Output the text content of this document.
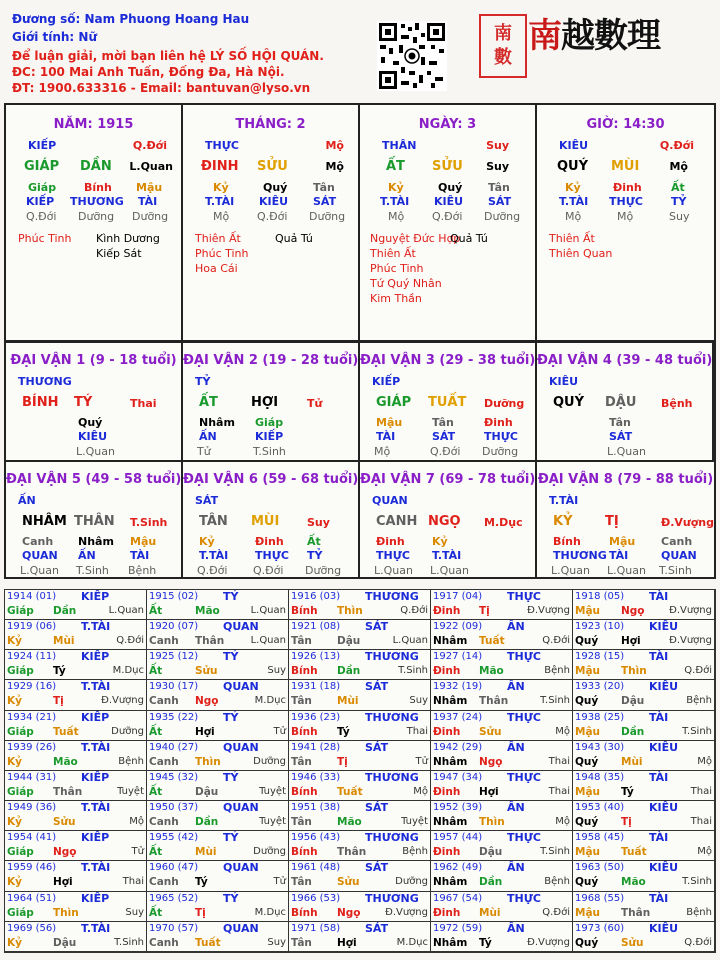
Đương số: Nam Phuong Hoang Hau
Giới tính: Nữ
Để luận giải, mời bạn liên hệ LÝ SỐ HỘI QUÁN.
ĐC: 100 Mai Anh Tuấn, Đống Đa, Hà Nội.
ĐT: 1900.633316 - Email: bantuvan@lyso.vn
南
數
南越數理
NĂM: 1915
KIẾP	Q.Đới
GIÁP DẦN L.Quan
Giáp	Bính Mậu
KIẾP THƯƠNG TÀI
Q.Đới Dưỡng Dưỡng
Phúc Tinh Kình Dương
Kiếp Sát
THÁNG: 2
THỰC	Mộ
ĐINH SỬU	Mộ
Kỷ	Quý Tân
T.TÀI KIÊU SÁT
Mộ	Q.Đới Dưỡng
Thiên Ất
Phúc Tinh
Hoa Cái
Quả Tú
NGÀY: 3
THÂN	Suy
ẤT SỬU Suy
Kỷ	Quý Tân
T.TÀI KIÊU SÁT
Mộ	Q.Đới Dưỡng
Nguyệt Đức Hợp
Thiên Ất
Phúc Tinh
Tứ Quý Nhân
Kim Thần
Quả Tú
GIỜ: 14:30
KIÊU	Q.Đới
QUÝ MÙI	Mộ
Kỷ	Đinh	Ất
T.TÀI THỰC	TỶ
Mộ	Mộ	Suy
Thiên Ất
Thiên Quan
ĐẠI VẬN 1 (9 - 18 tuổi)
THƯƠNG
BÍNH TÝ	Thai
Quý
KIÊU
L.Quan
ĐẠI VẬN 2 (19 - 28 tuổi)
TỶ
ẤT	HỢI	Tử
Nhâm
ẤN
Tử
Giáp
KIẾP
T.Sinh
ĐẠI VẬN 3 (29 - 38 tuổi)
KIẾP
GIÁP TUẤT Dưỡng
Mậu
TÀI
Mộ
Tân
SÁT
Q.Đới
Đinh
THỰC
Dưỡng
ĐẠI VẬN 4 (39 - 48 tuổi)
KIÊU
QUÝ DẬU Bệnh
Tân
SÁT
L.Quan
ĐẠI VẬN 5 (49 - 58 tuổi)
ẤN
NHÂM THÂN T.Sinh
Canh
QUAN
L.Quan
Nhâm
ẤN
T.Sinh
Mậu
TÀI
Bệnh
ĐẠI VẬN 6 (59 - 68 tuổi)
SÁT
TÂN MÙI	Suy
Kỷ
T.TÀI
Q.Đới
Đinh
THỰC
Q.Đới
Ất
TỶ
Dưỡng
ĐẠI VẬN 7 (69 - 78 tuổi)
QUAN
CANH NGỌ M.Dục
Đinh
THỰC
L.Quan
Kỷ
T.TÀI
L.Quan
ĐẠI VẬN 8 (79 - 88 tuổi)
T.TÀI
KỶ	TỊ	Đ.Vượng
Bính
THƯƠNG
L.Quan
Mậu
TÀI
L.Quan
Canh
QUAN
T.Sinh
1914 (01) KIẾP
Giáp Dần	L.Quan
1915 (02) TỶ
Ất	Mão	L.Quan
1916 (03) THƯƠNG
Bính Thìn	Q.Đới
1917 (04) THỰC
Đinh Tị	Đ.Vượng
1918 (05) TÀI
Mậu Ngọ Đ.Vượng
1919 (06) T.TÀI
Kỷ	Mùi	Q.Đới
1920 (07) QUAN
Canh Thân	L.Quan
1921 (08) SÁT
Tân Dậu	L.Quan
1922 (09) ẤN
Nhâm Tuất	Q.Đới
1923 (10) KIÊU
Quý Hợi	Đ.Vượng
1924 (11) KIẾP
Giáp Tý	M.Dục
1925 (12) TỶ
Ất	Sửu	Suy
1926 (13) THƯƠNG
Bính Dần	T.Sinh
1927 (14) THỰC
Đinh Mão	Bệnh
1928 (15) TÀI
Mậu Thìn	Q.Đới
1929 (16) T.TÀI
Kỷ	Tị	Đ.Vượng
1930 (17) QUAN
Canh Ngọ	M.Dục
1931 (18) SÁT
Tân Mùi	Suy
1932 (19) ẤN
Nhâm Thân	T.Sinh
1933 (20) KIÊU
Quý Dậu	Bệnh
1934 (21) KIẾP
Giáp Tuất	Dưỡng
1935 (22) TỶ
Ất	Hợi	Tử
1936 (23) THƯƠNG
Bính Tý	Thai
1937 (24) THỰC
Đinh Sửu	Mộ
1938 (25) TÀI
Mậu Dần	T.Sinh
1939 (26) T.TÀI
Kỷ	Mão	Bệnh
1940 (27) QUAN
Canh Thìn	Dưỡng
1941 (28) SÁT
Tân Tị	Tử
1942 (29) ẤN
Nhâm Ngọ	Thai
1943 (30) KIÊU
Quý Mùi	Mộ
1944 (31) KIẾP
Giáp Thân	Tuyệt
1945 (32) TỶ
Ất	Dậu	Tuyệt
1946 (33) THƯƠNG
Bính Tuất	Mộ
1947 (34) THỰC
Đinh Hợi	Thai
1948 (35) TÀI
Mậu Tý	Thai
1949 (36) T.TÀI
Kỷ	Sửu	Mộ
1950 (37) QUAN
Canh Dần	Tuyệt
1951 (38) SÁT
Tân Mão	Tuyệt
1952 (39) ẤN
Nhâm Thìn	Mộ
1953 (40) KIÊU
Quý Tị	Thai
1954 (41) KIẾP
Giáp Ngọ	Tử
1955 (42) TỶ
Ất	Mùi	Dưỡng
1956 (43) THƯƠNG
Bính Thân	Bệnh
1957 (44) THỰC
Đinh Dậu	T.Sinh
1958 (45) TÀI
Mậu Tuất	Mộ
1959 (46) T.TÀI
Kỷ	Hợi	Thai
1960 (47) QUAN
Canh Tý	Tử
1961 (48) SÁT
Tân Sửu	Dưỡng
1962 (49) ẤN
Nhâm Dần	Bệnh
1963 (50) KIÊU
Quý Mão	T.Sinh
1964 (51) KIẾP
Giáp Thìn	Suy
1965 (52) TỶ
Ất	Tị	M.Dục
1966 (53) THƯƠNG
Bính Ngọ Đ.Vượng
1967 (54) THỰC
Đinh Mùi	Q.Đới
1968 (55) TÀI
Mậu Thân	Bệnh
1969 (56) T.TÀI
Kỷ	Dậu	T.Sinh
1970 (57) QUAN
Canh Tuất	Suy
1971 (58) SÁT
Tân Hợi	M.Dục
1972 (59) ẤN
Nhâm Tý	Đ.Vượng
1973 (60) KIÊU
Quý Sửu	Q.Đới
